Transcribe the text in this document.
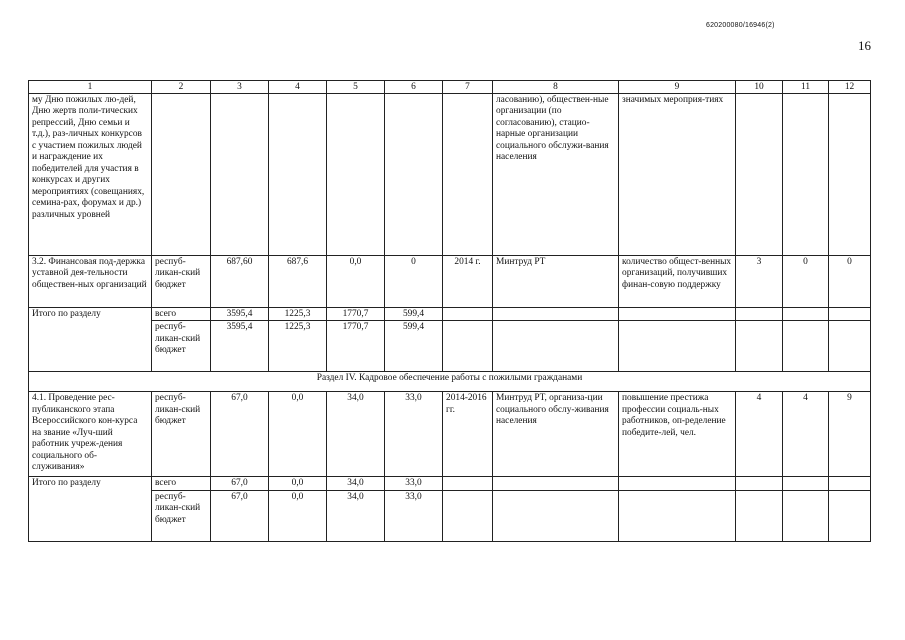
620200080/16946(2)
16
1	2	3	4	5	6	7	8	9	10	11	12
му Дню пожилых лю-дей, Дню жертв поли-тических репрессий, Дню семьи и т.д.), раз-личных конкурсов с участием пожилых людей и награждение их победителей для участия в конкурсах и других мероприятиях (совещаниях, семина-рах, форумах и др.) различных уровней							ласованию), обществен-ные организации (по согласованию), стацио-нарные организации социального обслужи-вания населения	значимых мероприя-тиях			
3.2. Финансовая под-держка уставной дея-тельности обществен-ных организаций	респуб-ликан-ский бюджет	687,60	687,6	0,0	0	2014 г.	Минтруд РТ	количество общест-венных организаций, получивших финан-совую поддержку	3	0	0
Итого по разделу	всего	3595,4	1225,3	1770,7	599,4						
	респуб-ликан-ский бюджет	3595,4	1225,3	1770,7	599,4						
Раздел IV. Кадровое обеспечение работы с пожилыми гражданами											
4.1. Проведение рес-публиканского этапа Всероссийского кон-курса на звание «Луч-ший работник учреж-дения социального об-служивания»	респуб-ликан-ский бюджет	67,0	0,0	34,0	33,0	2014-2016 гг.	Минтруд РТ, организа-ции социального обслу-живания населения	повышение престижа профессии социаль-ных работников, оп-ределение победите-лей, чел.	4	4	9
Итого по разделу	всего	67,0	0,0	34,0	33,0						
	респуб-ликан-ский бюджет	67,0	0,0	34,0	33,0						
